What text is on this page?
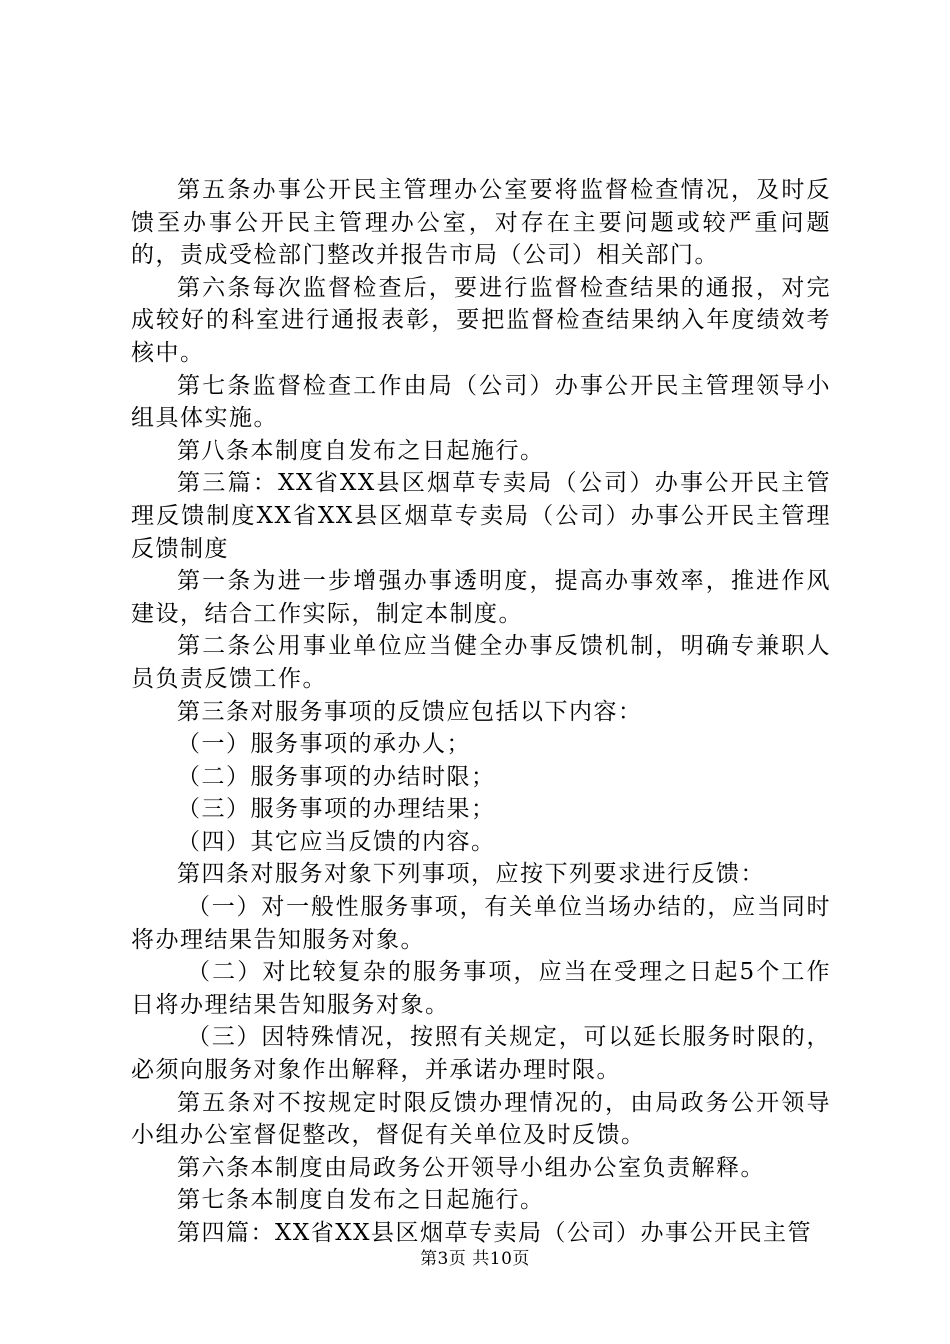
第五条办事公开民主管理办公室要将监督检查情况，及时反馈至办事公开民主管理办公室，对存在主要问题或较严重问题的，责成受检部门整改并报告市局（公司）相关部门。

第六条每次监督检查后，要进行监督检查结果的通报，对完成较好的科室进行通报表彰，要把监督检查结果纳入年度绩效考核中。

第七条监督检查工作由局（公司）办事公开民主管理领导小组具体实施。

第八条本制度自发布之日起施行。

第三篇：XX省XX县区烟草专卖局（公司）办事公开民主管理反馈制度XX省XX县区烟草专卖局（公司）办事公开民主管理反馈制度

第一条为进一步增强办事透明度，提高办事效率，推进作风建设，结合工作实际，制定本制度。

第二条公用事业单位应当健全办事反馈机制，明确专兼职人员负责反馈工作。

第三条对服务事项的反馈应包括以下内容：

（一）服务事项的承办人；

（二）服务事项的办结时限；

（三）服务事项的办理结果；

（四）其它应当反馈的内容。

第四条对服务对象下列事项，应按下列要求进行反馈：

（一）对一般性服务事项，有关单位当场办结的，应当同时将办理结果告知服务对象。

（二）对比较复杂的服务事项，应当在受理之日起5个工作日将办理结果告知服务对象。

（三）因特殊情况，按照有关规定，可以延长服务时限的，必须向服务对象作出解释，并承诺办理时限。

第五条对不按规定时限反馈办理情况的，由局政务公开领导小组办公室督促整改，督促有关单位及时反馈。

第六条本制度由局政务公开领导小组办公室负责解释。

第七条本制度自发布之日起施行。

第四篇：XX省XX县区烟草专卖局（公司）办事公开民主管

第3页 共10页
